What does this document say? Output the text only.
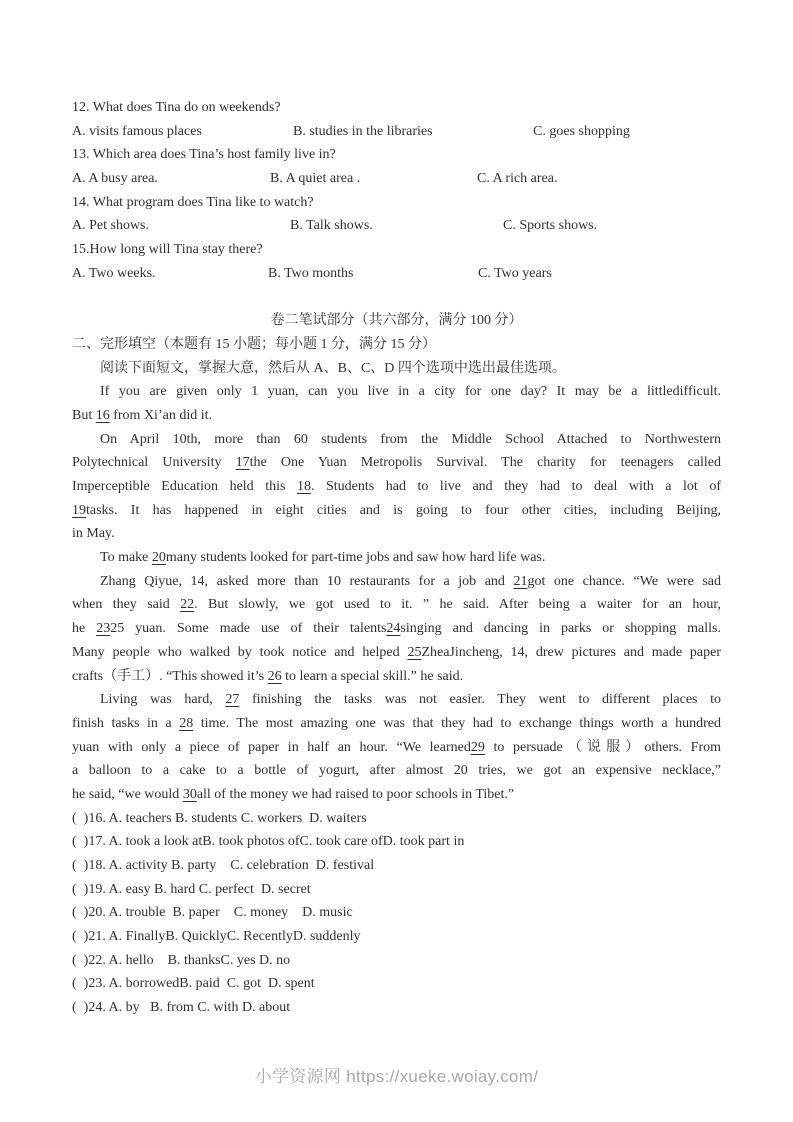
12. What does Tina do on weekends?
A. visits famous places	B. studies in the libraries	C. goes shopping
13. Which area does Tina’s host family live in?
A. A busy area.	B. A quiet area .	C. A rich area.
14. What program does Tina like to watch?
A. Pet shows.	B. Talk shows.	C. Sports shows.
15.How long will Tina stay there?
A. Two weeks.	B. Two months	C. Two years
卷二笔试部分（共六部分，满分 100 分）
二、完形填空（本题有 15 小题；每小题 1 分，满分 15 分）
阅读下面短文，掌握大意，然后从 A、B、C、D 四个选项中选出最佳选项。
If you are given only 1 yuan, can you live in a city for one day? It may be a littledifficult.
But 16 from Xi’an did it.
On April 10th, more than 60 students from the Middle School Attached to Northwestern
Polytechnical University 17the One Yuan Metropolis Survival. The charity for teenagers called
Imperceptible Education held this 18. Students had to live and they had to deal with a lot of
19tasks. It has happened in eight cities and is going to four other cities, including Beijing,
in May.
To make 20many students looked for part-time jobs and saw how hard life was.
Zhang Qiyue, 14, asked more than 10 restaurants for a job and 21got one chance. “We were sad
when they said 22. But slowly, we got used to it. ” he said. After being a waiter for an hour,
he 2325 yuan. Some made use of their talents24singing and dancing in parks or shopping malls.
Many people who walked by took notice and helped 25ZheaJincheng, 14, drew pictures and made paper
crafts（手工）. “This showed it’s 26 to learn a special skill.” he said.
Living was hard, 27 finishing the tasks was not easier. They went to different places to
finish tasks in a 28 time. The most amazing one was that they had to exchange things worth a hundred
yuan with only a piece of paper in half an hour. “We learned29 to persuade（说服）others. From
a balloon to a cake to a bottle of yogurt, after almost 20 tries, we got an expensive necklace,”
he said, “we would 30all of the money we had raised to poor schools in Tibet.”
(  )16. A. teachers B. students C. workers  D. waiters
(  )17. A. took a look atB. took photos ofC. took care ofD. took part in
(  )18. A. activity B. party    C. celebration  D. festival
(  )19. A. easy B. hard C. perfect  D. secret
(  )20. A. trouble  B. paper    C. money    D. music
(  )21. A. FinallyB. QuicklyC. RecentlyD. suddenly
(  )22. A. hello    B. thanksC. yes D. no
(  )23. A. borrowedB. paid  C. got  D. spent
(  )24. A. by   B. from C. with D. about
小学资源网 https://xueke.woiay.com/
